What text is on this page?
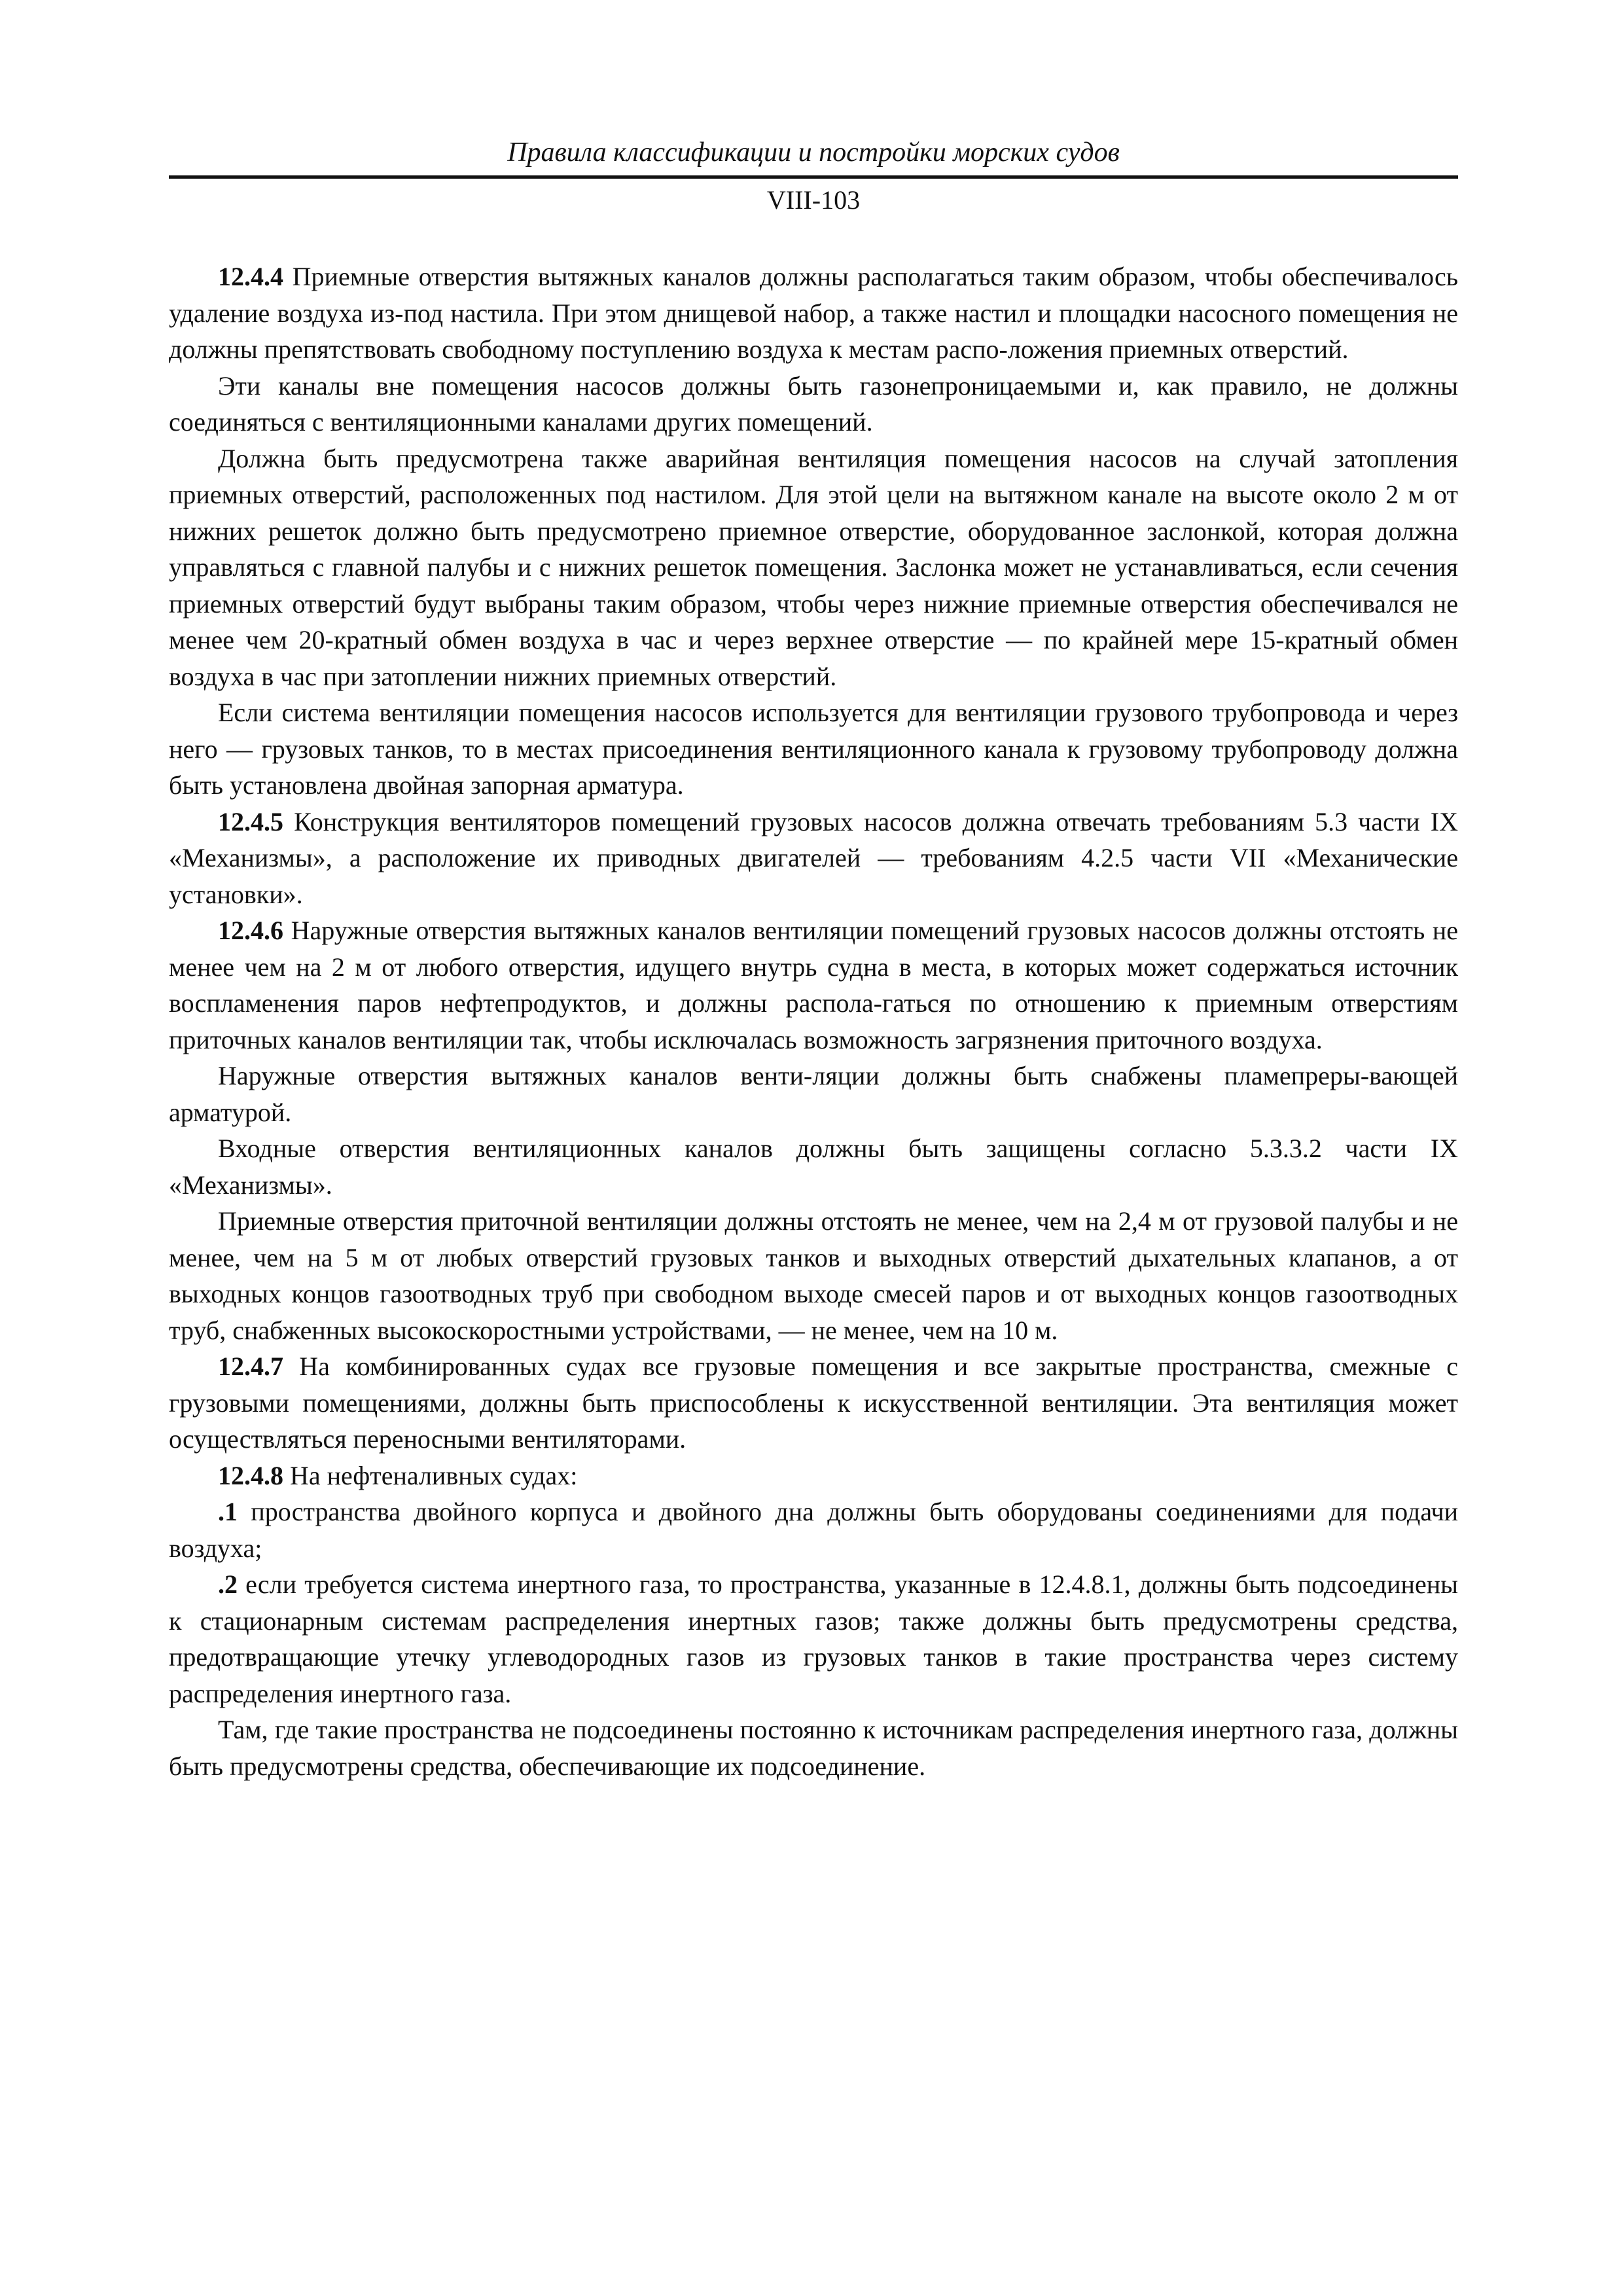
Правила классификации и постройки морских судов
VIII-103

12.4.4 Приемные отверстия вытяжных каналов должны располагаться таким образом, чтобы обеспечивалось удаление воздуха из-под настила. При этом днищевой набор, а также настил и площадки насосного помещения не должны препятствовать свободному поступлению воздуха к местам распо-ложения приемных отверстий.

Эти каналы вне помещения насосов должны быть газонепроницаемыми и, как правило, не должны соединяться с вентиляционными каналами других помещений.

Должна быть предусмотрена также аварийная вентиляция помещения насосов на случай затопления приемных отверстий, расположенных под настилом. Для этой цели на вытяжном канале на высоте около 2 м от нижних решеток должно быть предусмотрено приемное отверстие, оборудованное заслонкой, которая должна управляться с главной палубы и с нижних решеток помещения. Заслонка может не устанавливаться, если сечения приемных отверстий будут выбраны таким образом, чтобы через нижние приемные отверстия обеспечивался не менее чем 20-кратный обмен воздуха в час и через верхнее отверстие — по крайней мере 15-кратный обмен воздуха в час при затоплении нижних приемных отверстий.

Если система вентиляции помещения насосов используется для вентиляции грузового трубопровода и через него — грузовых танков, то в местах присоединения вентиляционного канала к грузовому трубопроводу должна быть установлена двойная запорная арматура.

12.4.5 Конструкция вентиляторов помещений грузовых насосов должна отвечать требованиям 5.3 части IX «Механизмы», а расположение их приводных двигателей — требованиям 4.2.5 части VII «Механические установки».

12.4.6 Наружные отверстия вытяжных каналов вентиляции помещений грузовых насосов должны отстоять не менее чем на 2 м от любого отверстия, идущего внутрь судна в места, в которых может содержаться источник воспламенения паров нефтепродуктов, и должны распола-гаться по отношению к приемным отверстиям приточных каналов вентиляции так, чтобы исключалась возможность загрязнения приточного воздуха.

Наружные отверстия вытяжных каналов венти-ляции должны быть снабжены пламепреры-вающей арматурой.

Входные отверстия вентиляционных каналов должны быть защищены согласно 5.3.3.2 части IX «Механизмы».

Приемные отверстия приточной вентиляции должны отстоять не менее, чем на 2,4 м от грузовой палубы и не менее, чем на 5 м от любых отверстий грузовых танков и выходных отверстий дыхательных клапанов, а от выходных концов газоотводных труб при свободном выходе смесей паров и от выходных концов газоотводных труб, снабженных высокоскоростными устройствами, — не менее, чем на 10 м.

12.4.7 На комбинированных судах все грузовые помещения и все закрытые пространства, смежные с грузовыми помещениями, должны быть приспособлены к искусственной вентиляции. Эта вентиляция может осуществляться переносными вентиляторами.

12.4.8 На нефтеналивных судах:

.1 пространства двойного корпуса и двойного дна должны быть оборудованы соединениями для подачи воздуха;

.2 если требуется система инертного газа, то пространства, указанные в 12.4.8.1, должны быть подсоединены к стационарным системам распределения инертных газов; также должны быть предусмотрены средства, предотвращающие утечку углеводородных газов из грузовых танков в такие пространства через систему распределения инертного газа.

Там, где такие пространства не подсоединены постоянно к источникам распределения инертного газа, должны быть предусмотрены средства, обеспечивающие их подсоединение.
